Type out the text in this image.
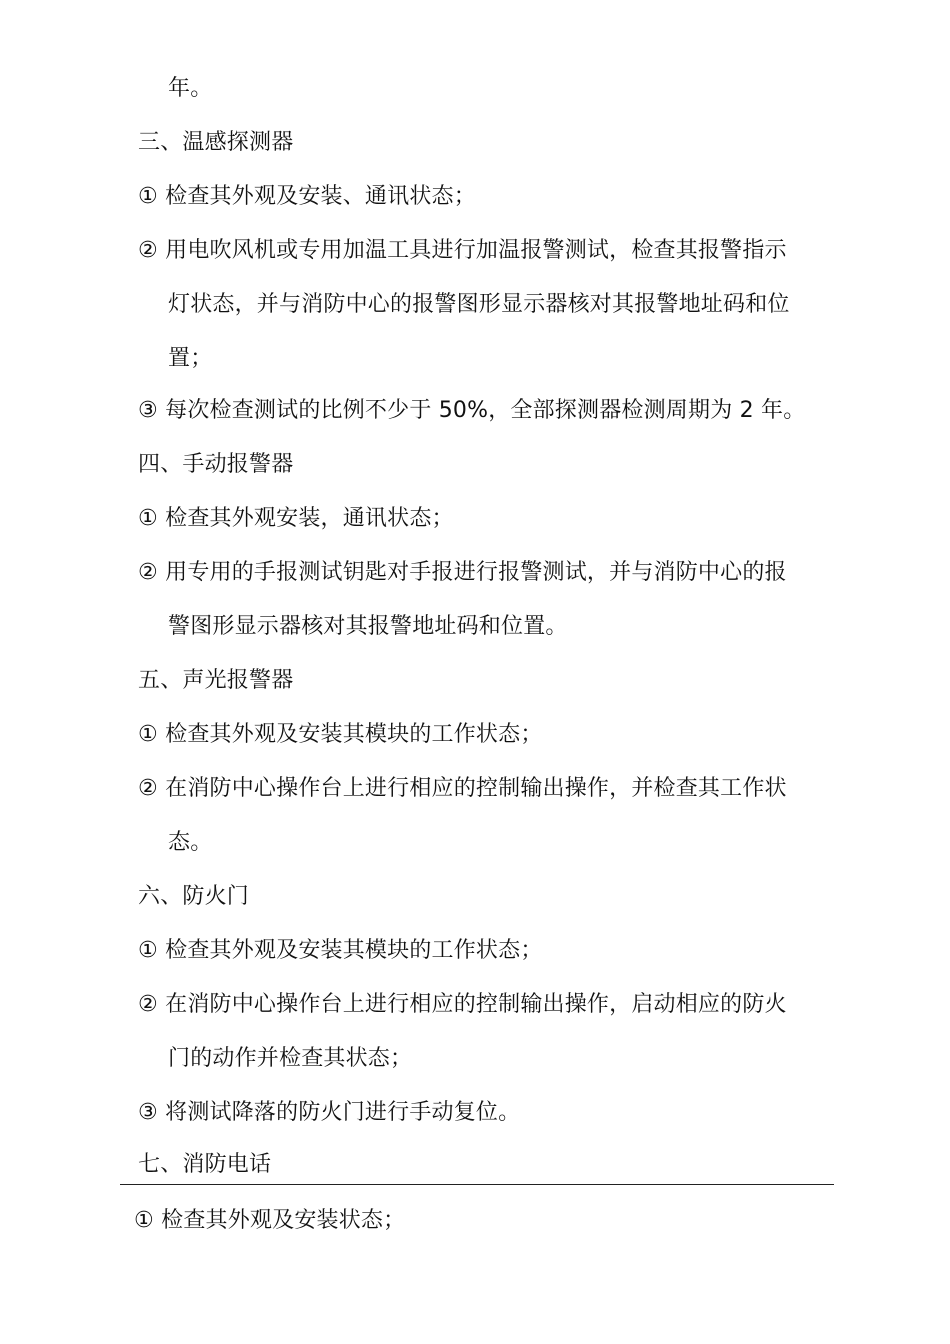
年。
三、温感探测器
① 检查其外观及安装、通讯状态；
② 用电吹风机或专用加温工具进行加温报警测试，检查其报警指示
灯状态，并与消防中心的报警图形显示器核对其报警地址码和位
置；
③ 每次检查测试的比例不少于 50%，全部探测器检测周期为 2 年。
四、手动报警器
① 检查其外观安装，通讯状态；
② 用专用的手报测试钥匙对手报进行报警测试，并与消防中心的报
警图形显示器核对其报警地址码和位置。
五、声光报警器
① 检查其外观及安装其模块的工作状态；
② 在消防中心操作台上进行相应的控制输出操作，并检查其工作状
态。
六、防火门
① 检查其外观及安装其模块的工作状态；
② 在消防中心操作台上进行相应的控制输出操作，启动相应的防火
门的动作并检查其状态；
③ 将测试降落的防火门进行手动复位。
七、消防电话
① 检查其外观及安装状态；
